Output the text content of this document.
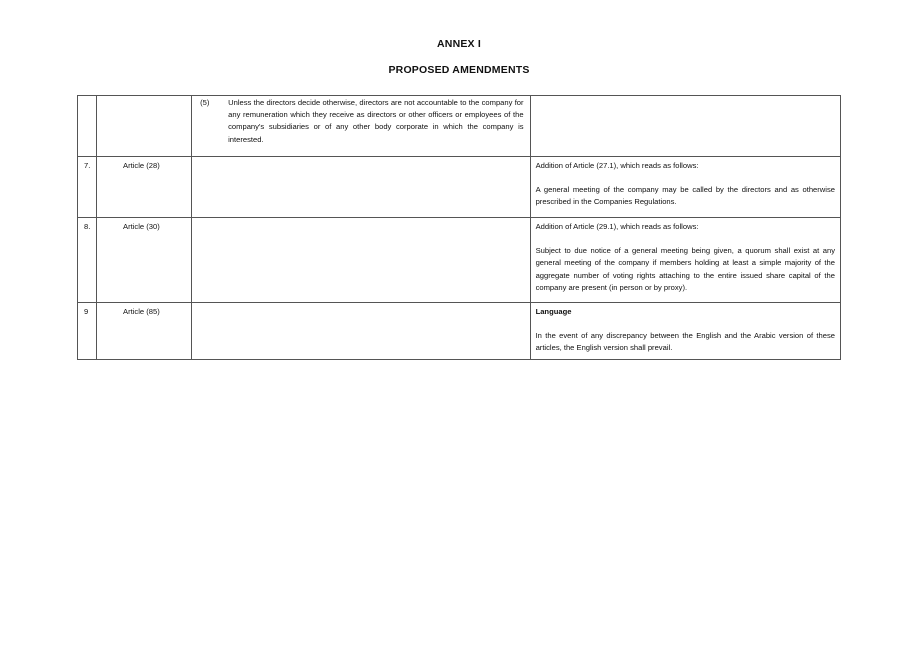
ANNEX I
PROPOSED AMENDMENTS

		(5) Unless the directors decide otherwise, directors are not accountable to the company for any remuneration which they receive as directors or other officers or employees of the company's subsidiaries or of any other body corporate in which the company is interested.	

7.	Article (28)		Addition of Article (27.1), which reads as follows:

A general meeting of the company may be called by the directors and as otherwise prescribed in the Companies Regulations.

8.	Article (30)		Addition of Article (29.1), which reads as follows:

Subject to due notice of a general meeting being given, a quorum shall exist at any general meeting of the company if members holding at least a simple majority of the aggregate number of voting rights attaching to the entire issued share capital of the company are present (in person or by proxy).

9	Article (85)		Language

In the event of any discrepancy between the English and the Arabic version of these articles, the English version shall prevail.
